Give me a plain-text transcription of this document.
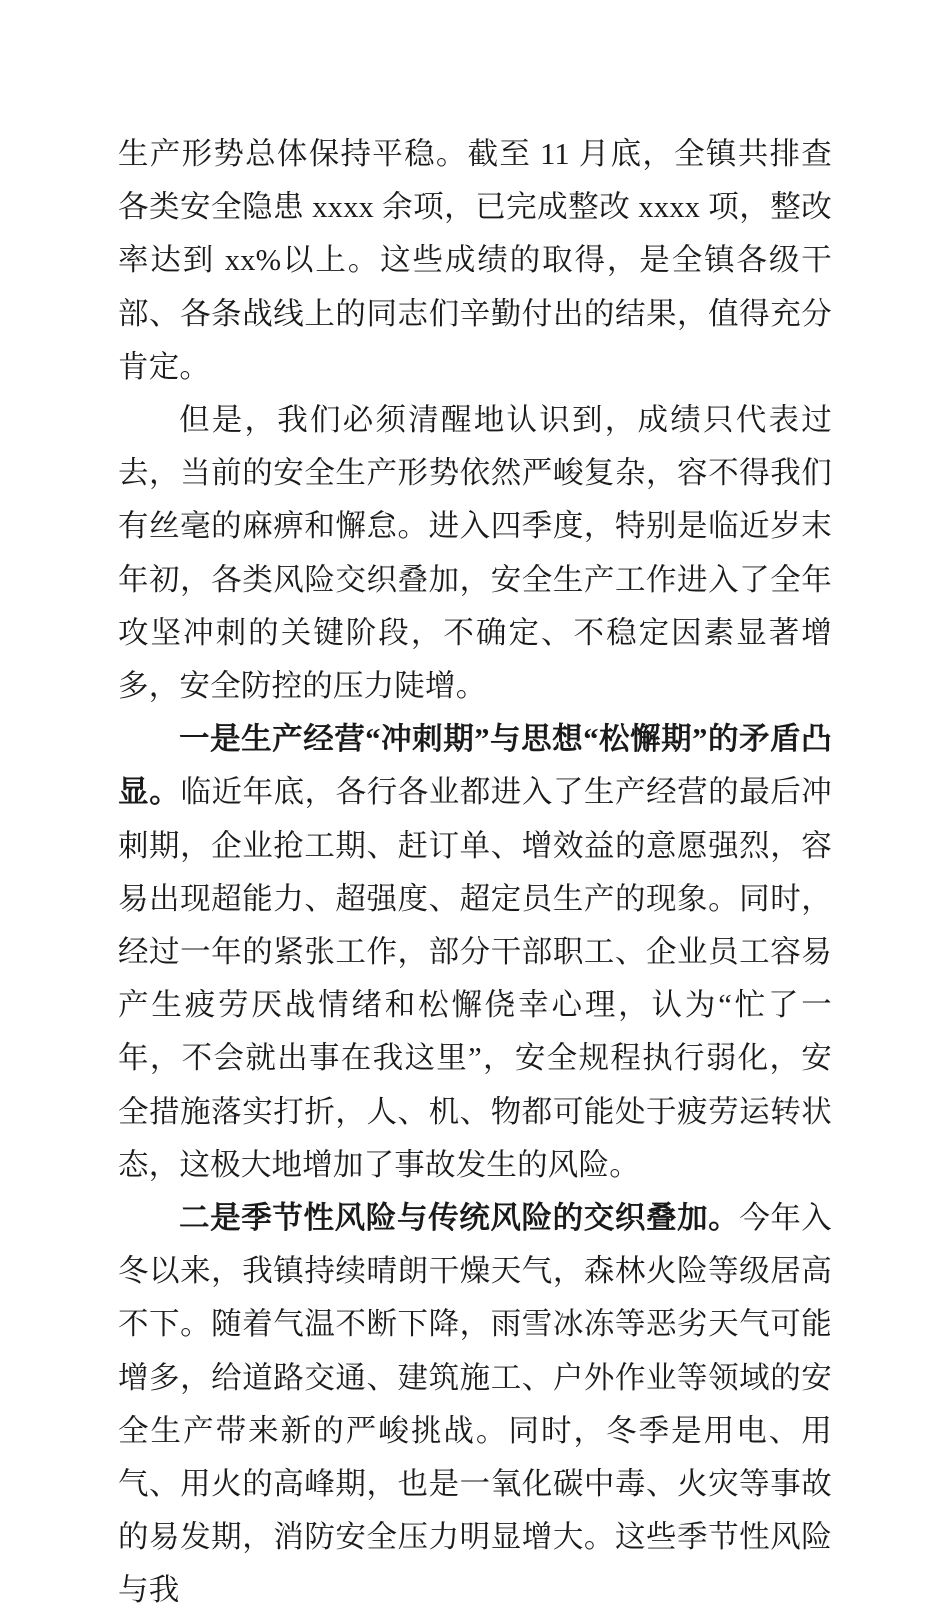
生产形势总体保持平稳。截至 11 月底，全镇共排查各类安全隐患 xxxx 余项，已完成整改 xxxx 项，整改率达到 xx%以上。这些成绩的取得，是全镇各级干部、各条战线上的同志们辛勤付出的结果，值得充分肯定。

但是，我们必须清醒地认识到，成绩只代表过去，当前的安全生产形势依然严峻复杂，容不得我们有丝毫的麻痹和懈怠。进入四季度，特别是临近岁末年初，各类风险交织叠加，安全生产工作进入了全年攻坚冲刺的关键阶段，不确定、不稳定因素显著增多，安全防控的压力陡增。

一是生产经营“冲刺期”与思想“松懈期”的矛盾凸显。临近年底，各行各业都进入了生产经营的最后冲刺期，企业抢工期、赶订单、增效益的意愿强烈，容易出现超能力、超强度、超定员生产的现象。同时，经过一年的紧张工作，部分干部职工、企业员工容易产生疲劳厌战情绪和松懈侥幸心理，认为“忙了一年，不会就出事在我这里”，安全规程执行弱化，安全措施落实打折，人、机、物都可能处于疲劳运转状态，这极大地增加了事故发生的风险。

二是季节性风险与传统风险的交织叠加。今年入冬以来，我镇持续晴朗干燥天气，森林火险等级居高不下。随着气温不断下降，雨雪冰冻等恶劣天气可能增多，给道路交通、建筑施工、户外作业等领域的安全生产带来新的严峻挑战。同时，冬季是用电、用气、用火的高峰期，也是一氧化碳中毒、火灾等事故的易发期，消防安全压力明显增大。这些季节性风险与我
